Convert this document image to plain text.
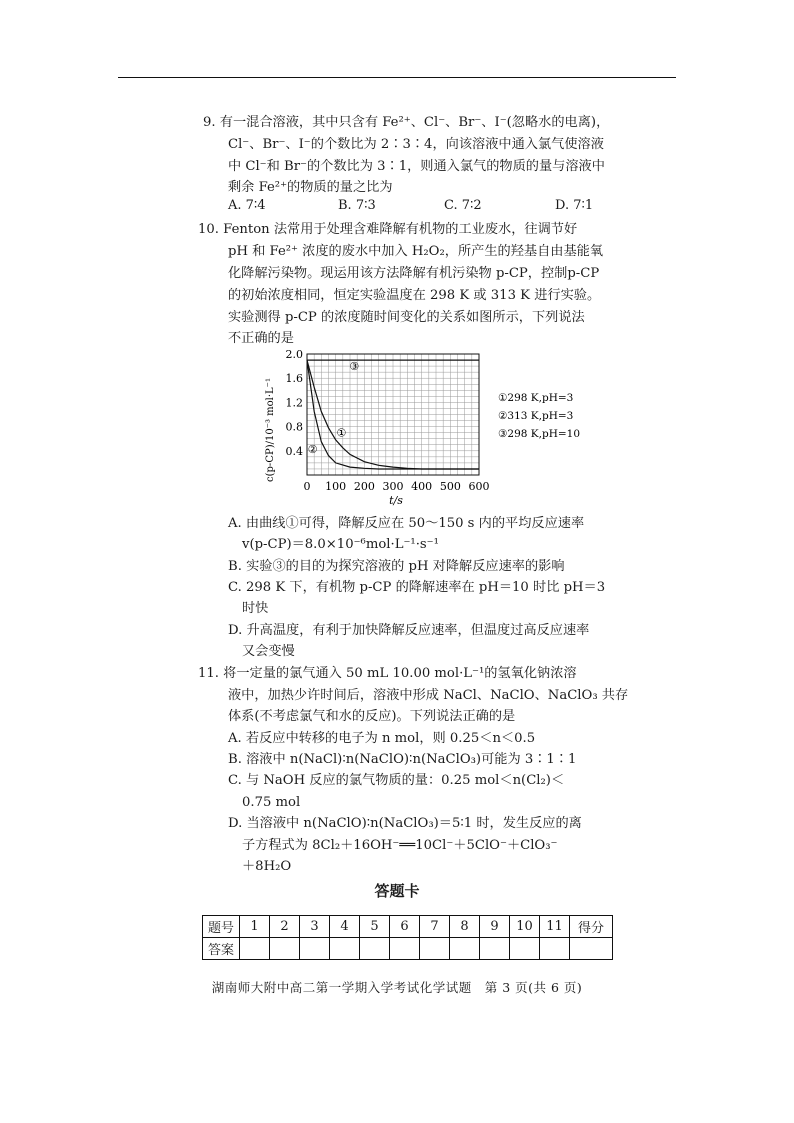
9. 有一混合溶液，其中只含有 Fe²⁺、Cl⁻、Br⁻、I⁻(忽略水的电离)，
Cl⁻、Br⁻、I⁻的个数比为 2∶3∶4，向该溶液中通入氯气使溶液
中 Cl⁻和 Br⁻的个数比为 3∶1，则通入氯气的物质的量与溶液中
剩余 Fe²⁺的物质的量之比为
A. 7∶4	B. 7∶3	C. 7∶2	D. 7∶1
10. Fenton 法常用于处理含难降解有机物的工业废水，往调节好
pH 和 Fe²⁺ 浓度的废水中加入 H₂O₂，所产生的羟基自由基能氧
化降解污染物。现运用该方法降解有机污染物 p-CP，控制p-CP
的初始浓度相同，恒定实验温度在 298 K 或 313 K 进行实验。
实验测得 p-CP 的浓度随时间变化的关系如图所示，下列说法
不正确的是
①
②
③
0 100 200 300 400 500 600
0.4
0.8
1.2
1.6
2.0
c(p-CP)/10⁻³ mol·L⁻¹
t/s
①298 K,pH=3
②313 K,pH=3
③298 K,pH=10
A. 由曲线①可得，降解反应在 50～150 s 内的平均反应速率
v(p-CP)＝8.0×10⁻⁶mol·L⁻¹·s⁻¹
B. 实验③的目的为探究溶液的 pH 对降解反应速率的影响
C. 298 K 下，有机物 p-CP 的降解速率在 pH＝10 时比 pH＝3
时快
D. 升高温度，有利于加快降解反应速率，但温度过高反应速率
又会变慢
11. 将一定量的氯气通入 50 mL 10.00 mol·L⁻¹的氢氧化钠浓溶
液中，加热少许时间后，溶液中形成 NaCl、NaClO、NaClO₃ 共存
体系(不考虑氯气和水的反应)。下列说法正确的是
A. 若反应中转移的电子为 n mol，则 0.25＜n＜0.5
B. 溶液中 n(NaCl)∶n(NaClO)∶n(NaClO₃)可能为 3∶1∶1
C. 与 NaOH 反应的氯气物质的量：0.25 mol＜n(Cl₂)＜
0.75 mol
D. 当溶液中 n(NaClO)∶n(NaClO₃)＝5∶1 时，发生反应的离
子方程式为 8Cl₂＋16OH⁻══10Cl⁻＋5ClO⁻＋ClO₃⁻
＋8H₂O
答题卡
题号	1	2	3	4	5	6	7	8	9	10	11	得分
答案												
湖南师大附中高二第一学期入学考试化学试题　第 3 页(共 6 页)
